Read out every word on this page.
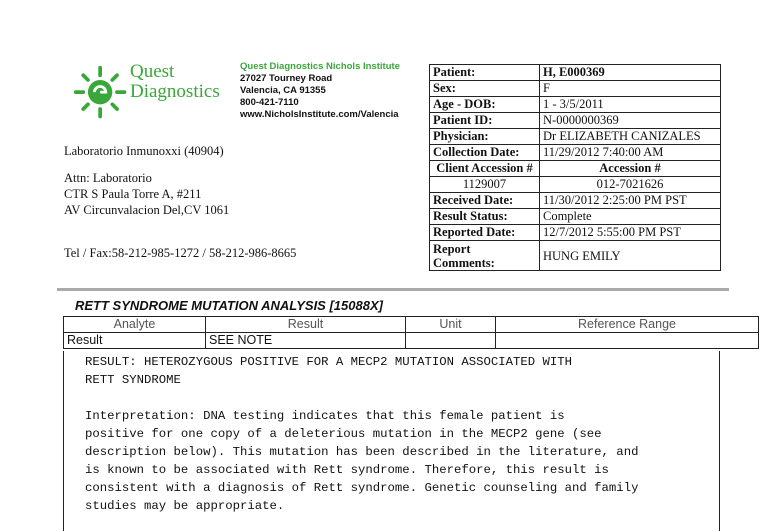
Quest
Diagnostics
Quest Diagnostics Nichols Institute
27027 Tourney Road
Valencia, CA 91355
800-421-7110
www.NicholsInstitute.com/Valencia
Laboratorio Inmunoxxi (40904)
Attn: Laboratorio
CTR S Paula Torre A, #211
AV Circunvalacion Del,CV 1061
Tel / Fax:58-212-985-1272 / 58-212-986-8665
Patient:	H, E000369
Sex:	F
Age - DOB:	1 - 3/5/2011
Patient ID:	N-0000000369
Physician:	Dr ELIZABETH CANIZALES
Collection Date:	11/29/2012 7:40:00 AM
Client Accession #	Accession #
1129007	012-7021626
Received Date:	11/30/2012 2:25:00 PM PST
Result Status:	Complete
Reported Date:	12/7/2012 5:55:00 PM PST
Report
Comments:	HUNG EMILY
RETT SYNDROME MUTATION ANALYSIS [15088X]
Analyte	Result	Unit	Reference Range
Result	SEE NOTE		
RESULT: HETEROZYGOUS POSITIVE FOR A MECP2 MUTATION ASSOCIATED WITH
RETT SYNDROME
Interpretation: DNA testing indicates that this female patient is
positive for one copy of a deleterious mutation in the MECP2 gene (see
description below). This mutation has been described in the literature, and
is known to be associated with Rett syndrome. Therefore, this result is
consistent with a diagnosis of Rett syndrome. Genetic counseling and family
studies may be appropriate.
